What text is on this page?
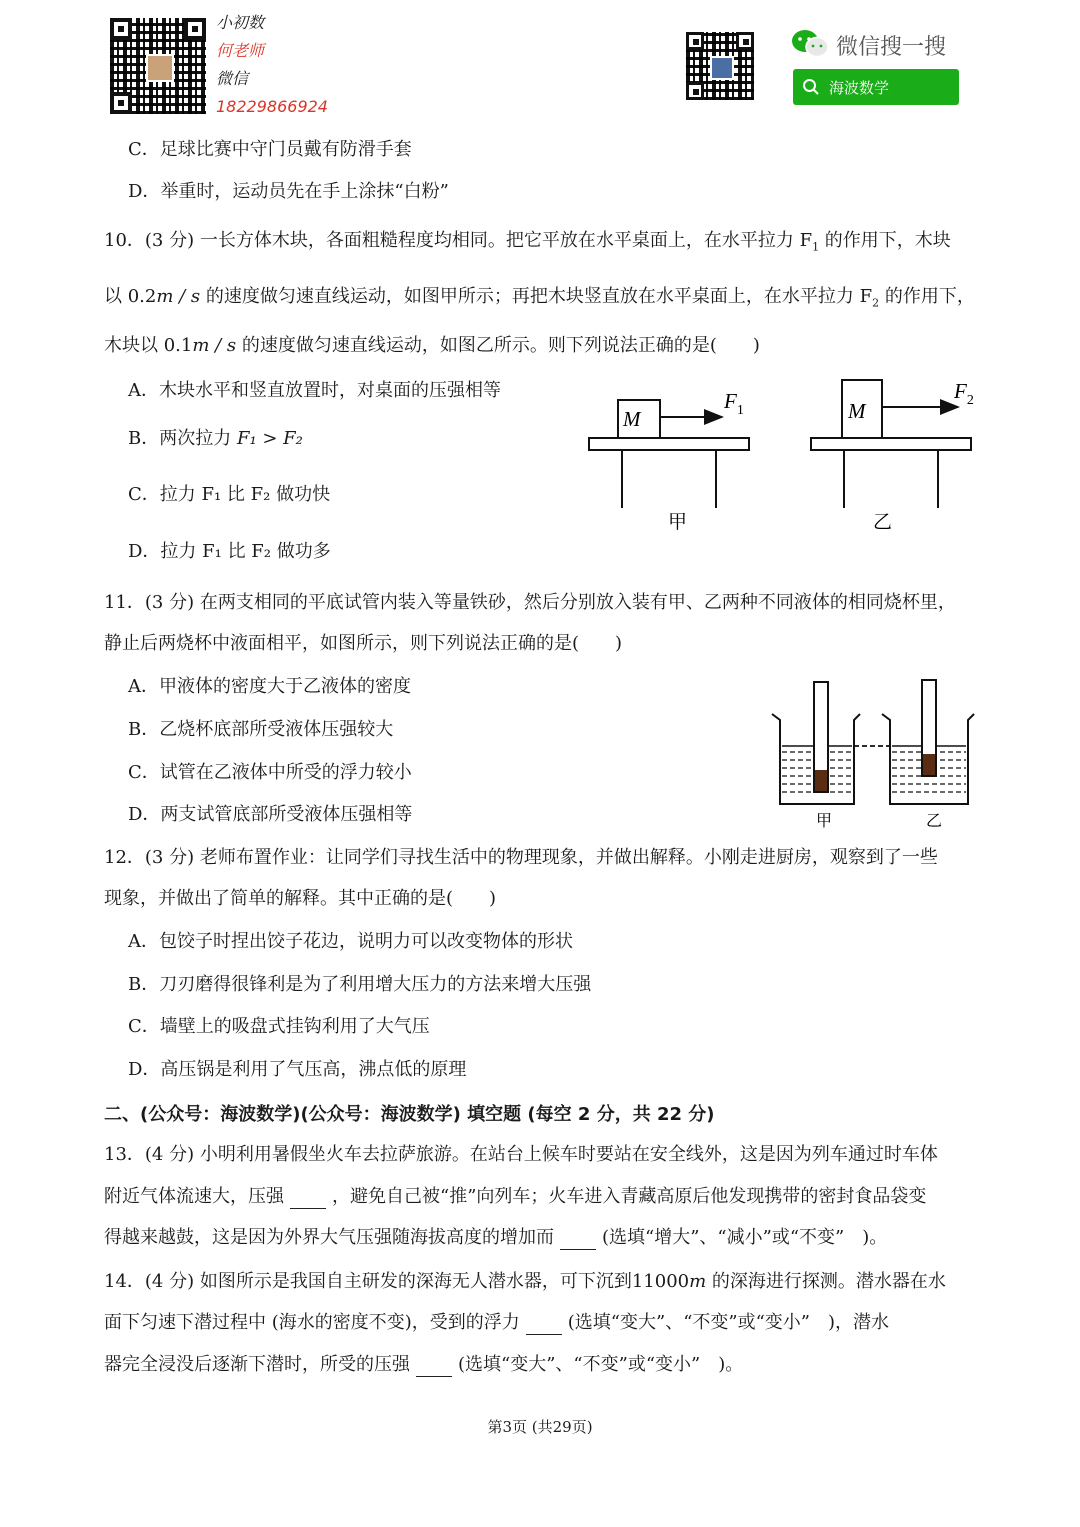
小初数
何老师
微信
18229866924
微信搜一搜
海波数学
C．足球比赛中守门员戴有防滑手套
D．举重时，运动员先在手上涂抹“白粉”
10．(3 分) 一长方体木块，各面粗糙程度均相同。把它平放在水平桌面上，在水平拉力 $F_1$ 的作用下，木块
以 0.2m / s 的速度做匀速直线运动，如图甲所示；再把木块竖直放在水平桌面上，在水平拉力 $F_2$ 的作用下，
木块以 0.1m / s 的速度做匀速直线运动，如图乙所示。则下列说法正确的是(　　)
A．木块水平和竖直放置时，对桌面的压强相等
B．两次拉力 F₁ > F₂
C．拉力 F₁ 比 F₂ 做功快
D．拉力 F₁ 比 F₂ 做功多
M	M
$F_1$
$F_2$
甲	乙
11．(3 分) 在两支相同的平底试管内装入等量铁砂，然后分别放入装有甲、乙两种不同液体的相同烧杯里，
静止后两烧杯中液面相平，如图所示，则下列说法正确的是(　　)
A．甲液体的密度大于乙液体的密度
B．乙烧杯底部所受液体压强较大
C．试管在乙液体中所受的浮力较小
D．两支试管底部所受液体压强相等	甲	乙
12．(3 分) 老师布置作业：让同学们寻找生活中的物理现象，并做出解释。小刚走进厨房，观察到了一些
现象，并做出了简单的解释。其中正确的是(　　)
A．包饺子时捏出饺子花边，说明力可以改变物体的形状
B．刀刃磨得很锋利是为了利用增大压力的方法来增大压强
C．墙壁上的吸盘式挂钩利用了大气压
D．高压锅是利用了气压高，沸点低的原理
二、(公众号：海波数学)(公众号：海波数学) 填空题 (每空 2 分，共 22 分)
13．(4 分) 小明利用暑假坐火车去拉萨旅游。在站台上候车时要站在安全线外，这是因为列车通过时车体
附近气体流速大，压强	，避免自己被“推”向列车；火车进入青藏高原后他发现携带的密封食品袋变
得越来越鼓，这是因为外界大气压强随海拔高度的增加而	(选填“增大”、“减小”或“不变”　)。
14．(4 分) 如图所示是我国自主研发的深海无人潜水器，可下沉到11000m 的深海进行探测。潜水器在水
面下匀速下潜过程中 (海水的密度不变)，受到的浮力	(选填“变大”、“不变”或“变小”　)，潜水
器完全浸没后逐渐下潜时，所受的压强	(选填“变大”、“不变”或“变小”　)。
第3页 (共29页)
